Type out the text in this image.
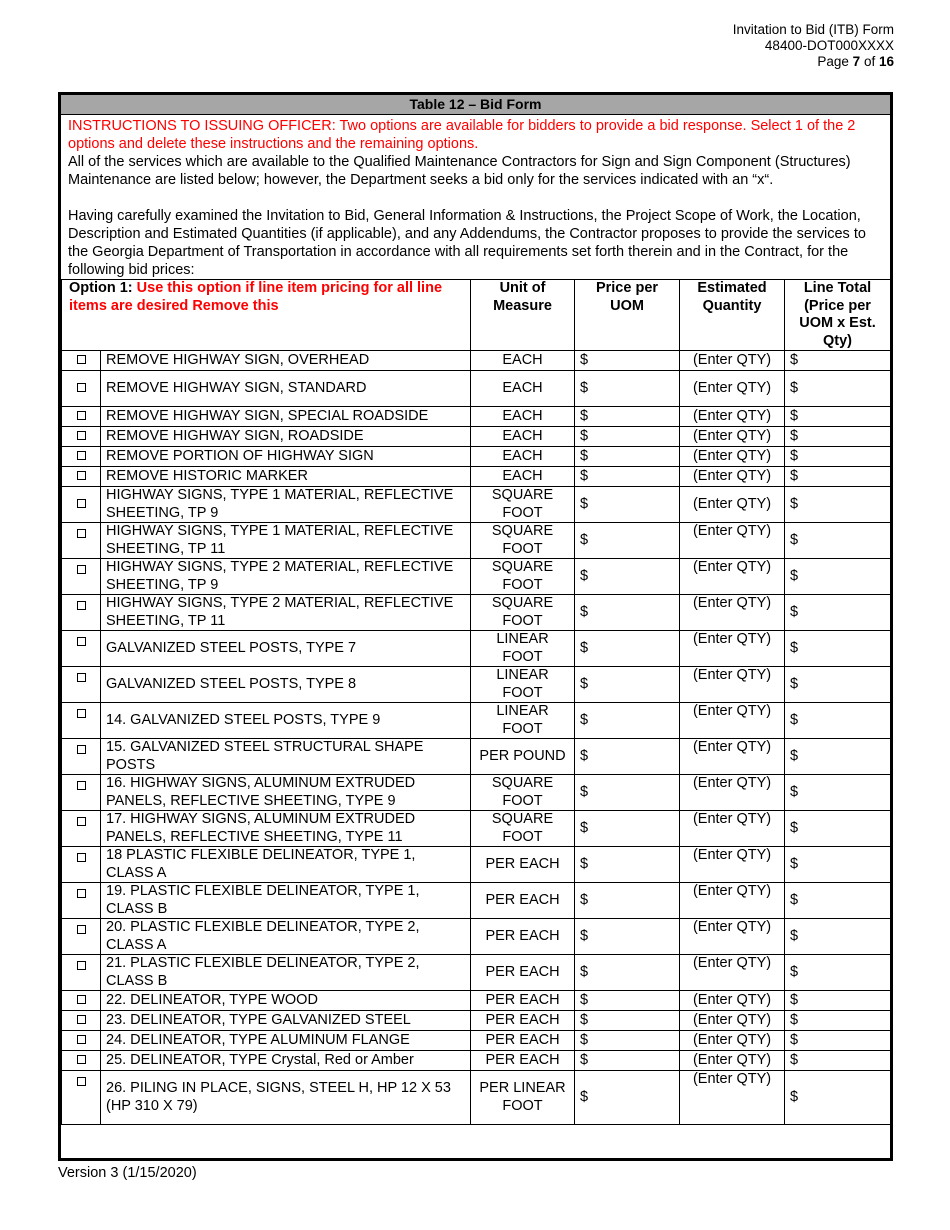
Invitation to Bid (ITB) Form
48400-DOT000XXXX
Page 7 of 16
Table 12 – Bid Form

INSTRUCTIONS TO ISSUING OFFICER: Two options are available for bidders to provide a bid response. Select 1 of the 2 options and delete these instructions and the remaining options.

All of the services which are available to the Qualified Maintenance Contractors for Sign and Sign Component (Structures) Maintenance are listed below; however, the Department seeks a bid only for the services indicated with an “x“.

Having carefully examined the Invitation to Bid, General Information & Instructions, the Project Scope of Work, the Location, Description and Estimated Quantities (if applicable), and any Addendums, the Contractor proposes to provide the services to the Georgia Department of Transportation in accordance with all requirements set forth therein and in the Contract, for the following bid prices:

Option 1: Use this option if line item pricing for all line items are desired Remove this		Unit of Measure	Price per UOM	Estimated Quantity	Line Total (Price per UOM x Est. Qty)
	REMOVE HIGHWAY SIGN, OVERHEAD	EACH	$	(Enter QTY)	$
	REMOVE HIGHWAY SIGN, STANDARD	EACH	$	(Enter QTY)	$
	REMOVE HIGHWAY SIGN, SPECIAL ROADSIDE	EACH	$	(Enter QTY)	$
	REMOVE HIGHWAY SIGN, ROADSIDE	EACH	$	(Enter QTY)	$
	REMOVE PORTION OF HIGHWAY SIGN	EACH	$	(Enter QTY)	$
	REMOVE HISTORIC MARKER	EACH	$	(Enter QTY)	$
	HIGHWAY SIGNS, TYPE 1 MATERIAL, REFLECTIVE SHEETING, TP 9	SQUARE FOOT	$	(Enter QTY)	$
	HIGHWAY SIGNS, TYPE 1 MATERIAL, REFLECTIVE SHEETING, TP 11	SQUARE FOOT	$	(Enter QTY)	$
	HIGHWAY SIGNS, TYPE 2 MATERIAL, REFLECTIVE SHEETING, TP 9	SQUARE FOOT	$	(Enter QTY)	$
	HIGHWAY SIGNS, TYPE 2 MATERIAL, REFLECTIVE SHEETING, TP 11	SQUARE FOOT	$	(Enter QTY)	$
	GALVANIZED STEEL POSTS, TYPE 7	LINEAR FOOT	$	(Enter QTY)	$
	GALVANIZED STEEL POSTS, TYPE 8	LINEAR FOOT	$	(Enter QTY)	$
	14. GALVANIZED STEEL POSTS, TYPE 9	LINEAR FOOT	$	(Enter QTY)	$
	15. GALVANIZED STEEL STRUCTURAL SHAPE POSTS	PER POUND	$	(Enter QTY)	$
	16. HIGHWAY SIGNS, ALUMINUM EXTRUDED PANELS, REFLECTIVE SHEETING, TYPE 9	SQUARE FOOT	$	(Enter QTY)	$
	17. HIGHWAY SIGNS, ALUMINUM EXTRUDED PANELS, REFLECTIVE SHEETING, TYPE 11	SQUARE FOOT	$	(Enter QTY)	$
	18 PLASTIC FLEXIBLE DELINEATOR, TYPE 1, CLASS A	PER EACH	$	(Enter QTY)	$
	19. PLASTIC FLEXIBLE DELINEATOR, TYPE 1, CLASS B	PER EACH	$	(Enter QTY)	$
	20. PLASTIC FLEXIBLE DELINEATOR, TYPE 2, CLASS A	PER EACH	$	(Enter QTY)	$
	21. PLASTIC FLEXIBLE DELINEATOR, TYPE 2, CLASS B	PER EACH	$	(Enter QTY)	$
	22. DELINEATOR, TYPE WOOD	PER EACH	$	(Enter QTY)	$
	23. DELINEATOR, TYPE GALVANIZED STEEL	PER EACH	$	(Enter QTY)	$
	24. DELINEATOR, TYPE ALUMINUM FLANGE	PER EACH	$	(Enter QTY)	$
	25. DELINEATOR, TYPE Crystal, Red or Amber	PER EACH	$	(Enter QTY)	$
	26. PILING IN PLACE, SIGNS, STEEL H, HP 12 X 53 (HP 310 X 79)	PER LINEAR FOOT	$	(Enter QTY)	$
Version 3 (1/15/2020)
